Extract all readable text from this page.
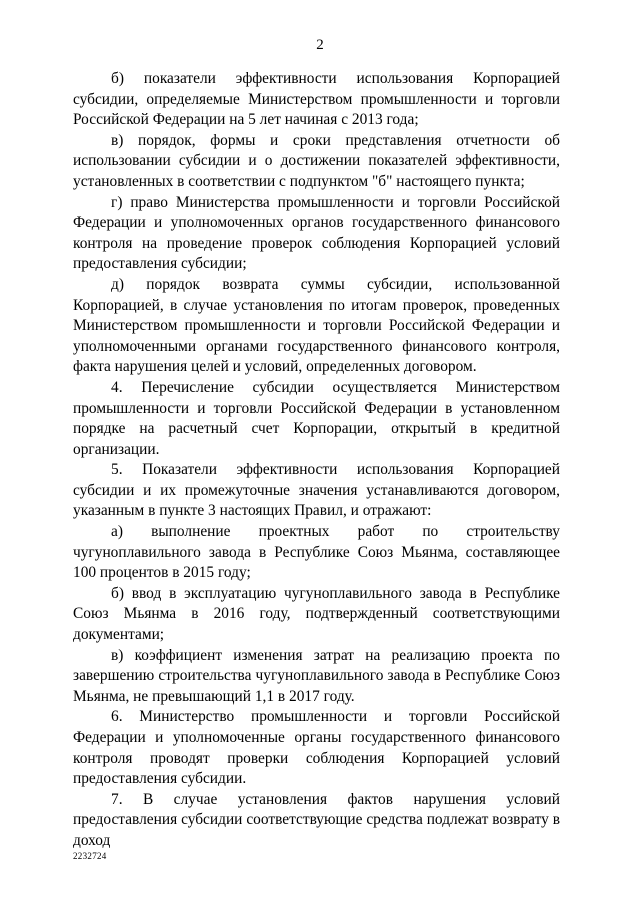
2

б) показатели эффективности использования Корпорацией субсидии, определяемые Министерством промышленности и торговли Российской Федерации на 5 лет начиная с 2013 года;

в) порядок, формы и сроки представления отчетности об использовании субсидии и о достижении показателей эффективности, установленных в соответствии с подпунктом "б" настоящего пункта;

г) право Министерства промышленности и торговли Российской Федерации и уполномоченных органов государственного финансового контроля на проведение проверок соблюдения Корпорацией условий предоставления субсидии;

д) порядок возврата суммы субсидии, использованной Корпорацией, в случае установления по итогам проверок, проведенных Министерством промышленности и торговли Российской Федерации и уполномоченными органами государственного финансового контроля, факта нарушения целей и условий, определенных договором.

4. Перечисление субсидии осуществляется Министерством промышленности и торговли Российской Федерации в установленном порядке на расчетный счет Корпорации, открытый в кредитной организации.

5. Показатели эффективности использования Корпорацией субсидии и их промежуточные значения устанавливаются договором, указанным в пункте 3 настоящих Правил, и отражают:

а) выполнение проектных работ по строительству чугуноплавильного завода в Республике Союз Мьянма, составляющее 100 процентов в 2015 году;

б) ввод в эксплуатацию чугуноплавильного завода в Республике Союз Мьянма в 2016 году, подтвержденный соответствующими документами;

в) коэффициент изменения затрат на реализацию проекта по завершению строительства чугуноплавильного завода в Республике Союз Мьянма, не превышающий 1,1 в 2017 году.

6. Министерство промышленности и торговли Российской Федерации и уполномоченные органы государственного финансового контроля проводят проверки соблюдения Корпорацией условий предоставления субсидии.

7. В случае установления фактов нарушения условий предоставления субсидии соответствующие средства подлежат возврату в доход

2232724
